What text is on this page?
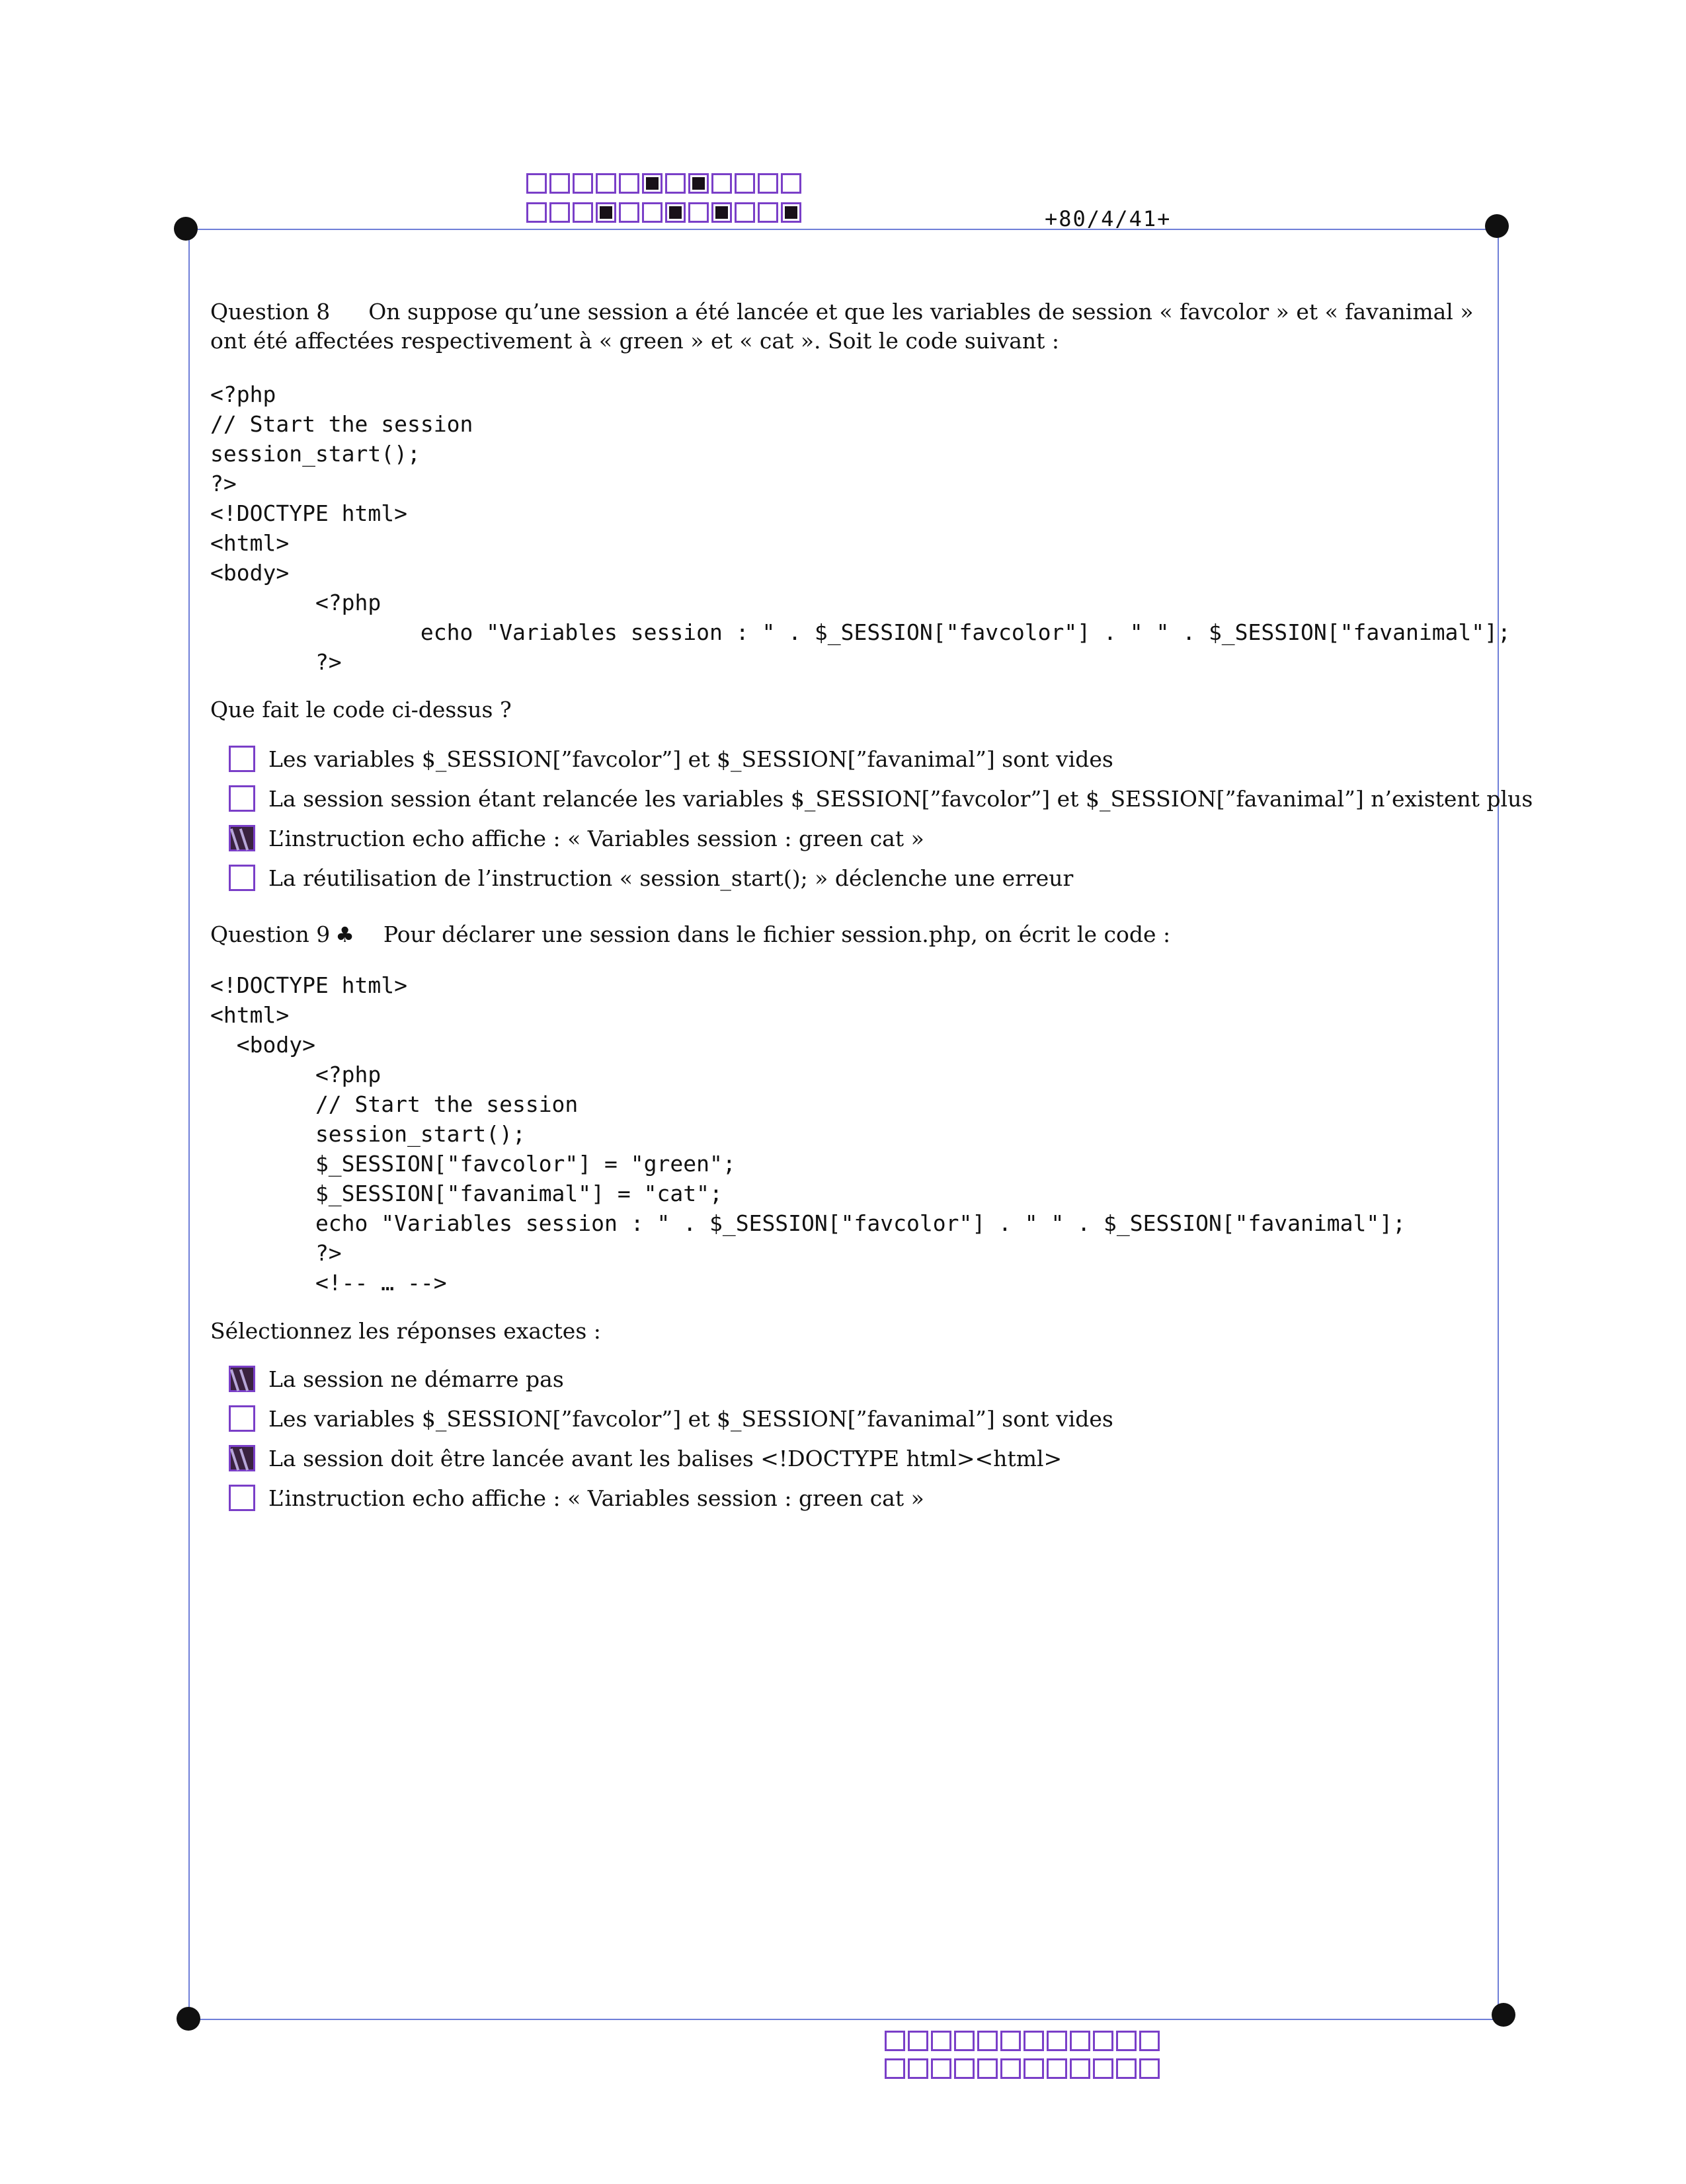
+80/4/41+
Question 8 On suppose qu’une session a été lancée et que les variables de session « favcolor » et « favanimal » ont été affectées respectivement à « green » et « cat ». Soit le code suivant :
<?php
// Start the session
session_start();
?>
<!DOCTYPE html>
<html>
<body>
<?php
echo "Variables session : " . $_SESSION["favcolor"] . " " . $_SESSION["favanimal"];
?>
Que fait le code ci-dessus ?
Les variables $_SESSION[”favcolor”] et $_SESSION[”favanimal”] sont vides
La session session étant relancée les variables $_SESSION[”favcolor”] et $_SESSION[”favanimal”] n’existent plus
L’instruction echo affiche : « Variables session : green cat »
La réutilisation de l’instruction « session_start(); » déclenche une erreur
Question 9 ♣ Pour déclarer une session dans le fichier session.php, on écrit le code :
<!DOCTYPE html>
<html>
<body>
<?php
// Start the session
session_start();
$_SESSION["favcolor"] = "green";
$_SESSION["favanimal"] = "cat";
echo "Variables session : " . $_SESSION["favcolor"] . " " . $_SESSION["favanimal"];
?>
<!-- … -->
Sélectionnez les réponses exactes :
La session ne démarre pas
Les variables $_SESSION[”favcolor”] et $_SESSION[”favanimal”] sont vides
La session doit être lancée avant les balises <!DOCTYPE html><html>
L’instruction echo affiche : « Variables session : green cat »
